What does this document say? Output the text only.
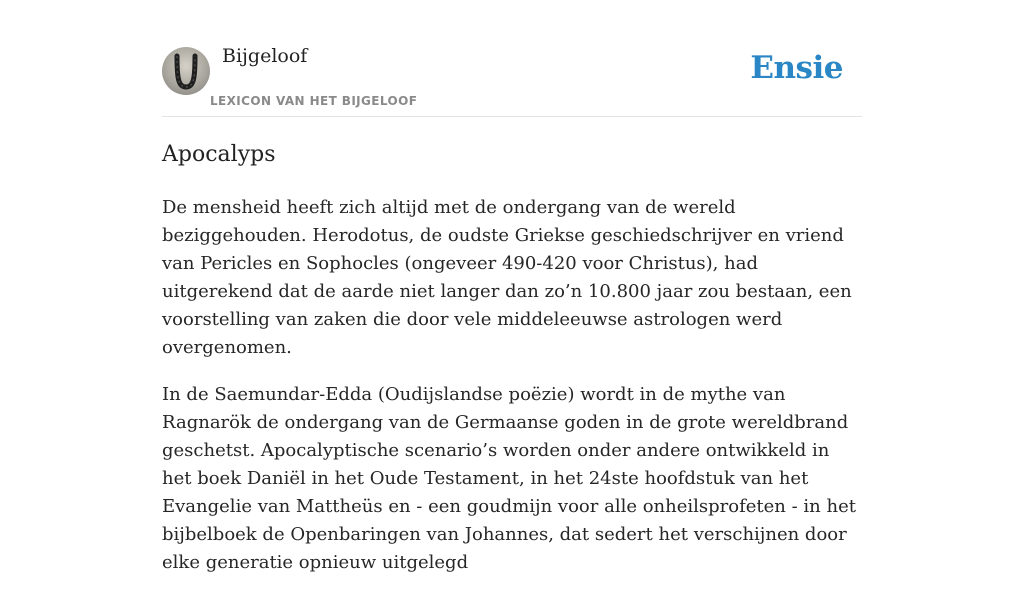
Bijgeloof
LEXICON VAN HET BIJGELOOF
Ensie
Apocalyps

De mensheid heeft zich altijd met de ondergang van de wereld beziggehouden. Herodotus, de oudste Griekse geschiedschrijver en vriend van Pericles en Sophocles (ongeveer 490-420 voor Christus), had uitgerekend dat de aarde niet langer dan zo’n 10.800 jaar zou bestaan, een voorstelling van zaken die door vele middeleeuwse astrologen werd overgenomen.

In de Saemundar-Edda (Oudijslandse poëzie) wordt in de mythe van Ragnarök de ondergang van de Germaanse goden in de grote wereldbrand geschetst. Apocalyptische scenario’s worden onder andere ontwikkeld in het boek Daniël in het Oude Testament, in het 24ste hoofdstuk van het Evangelie van Mattheüs en - een goudmijn voor alle onheilsprofeten - in het bijbelboek de Openbaringen van Johannes, dat sedert het verschijnen door elke generatie opnieuw uitgelegd
